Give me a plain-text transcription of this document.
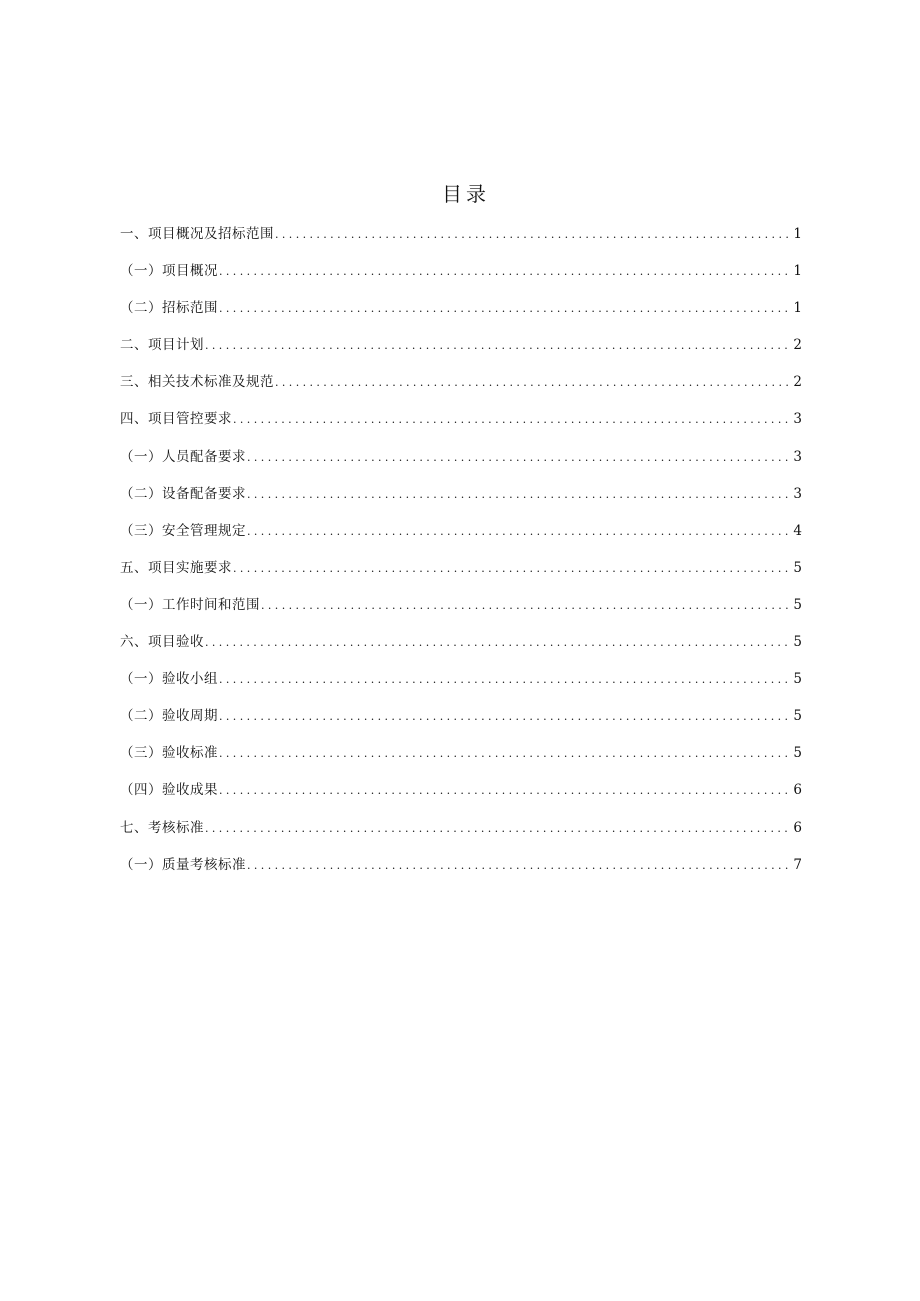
目录
一、项目概况及招标范围 .....	1
（一）项目概况 .....	1
（二）招标范围 .....	1
二、项目计划 .....	2
三、相关技术标准及规范 .....	2
四、项目管控要求 .....	3
（一）人员配备要求 .....	3
（二）设备配备要求 .....	3
（三）安全管理规定 .....	4
五、项目实施要求 .....	5
（一）工作时间和范围 .....	5
六、项目验收 .....	5
（一）验收小组 .....	5
（二）验收周期 .....	5
（三）验收标准 .....	5
（四）验收成果 .....	6
七、考核标准 .....	6
（一）质量考核标准 .....	7
